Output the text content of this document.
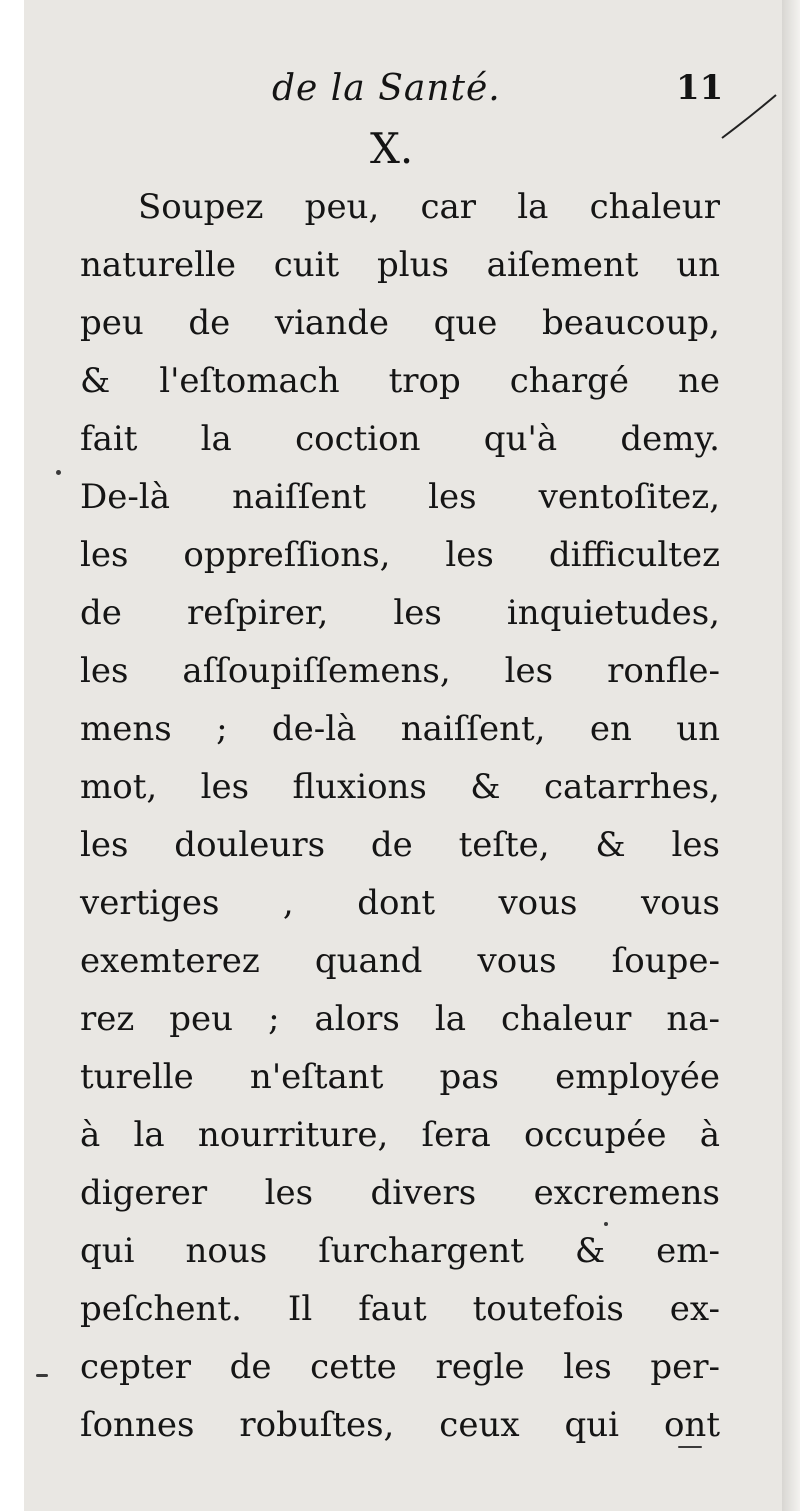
de la Santé.	11
X.
Soupez peu, car la chaleur
naturelle cuit plus aiſement un
peu de viande que beaucoup,
& l'eſtomach trop chargé ne
fait la coction qu'à demy.
De-là naiſſent les ventoſitez,
les oppreſſions, les difficultez
de reſpirer, les inquietudes,
les aſſoupiſſemens, les ronfle-
mens ; de-là naiſſent, en un
mot, les fluxions & catarrhes,
les douleurs de teſte, & les
vertiges , dont vous vous
exemterez quand vous ſoupe-
rez peu ; alors la chaleur na-
turelle n'eſtant pas employée
à la nourriture, ſera occupée à
digerer les divers excremens
qui nous ſurchargent & em-
peſchent. Il faut toutefois ex-
cepter de cette regle les per-
ſonnes robuſtes, ceux qui ont
